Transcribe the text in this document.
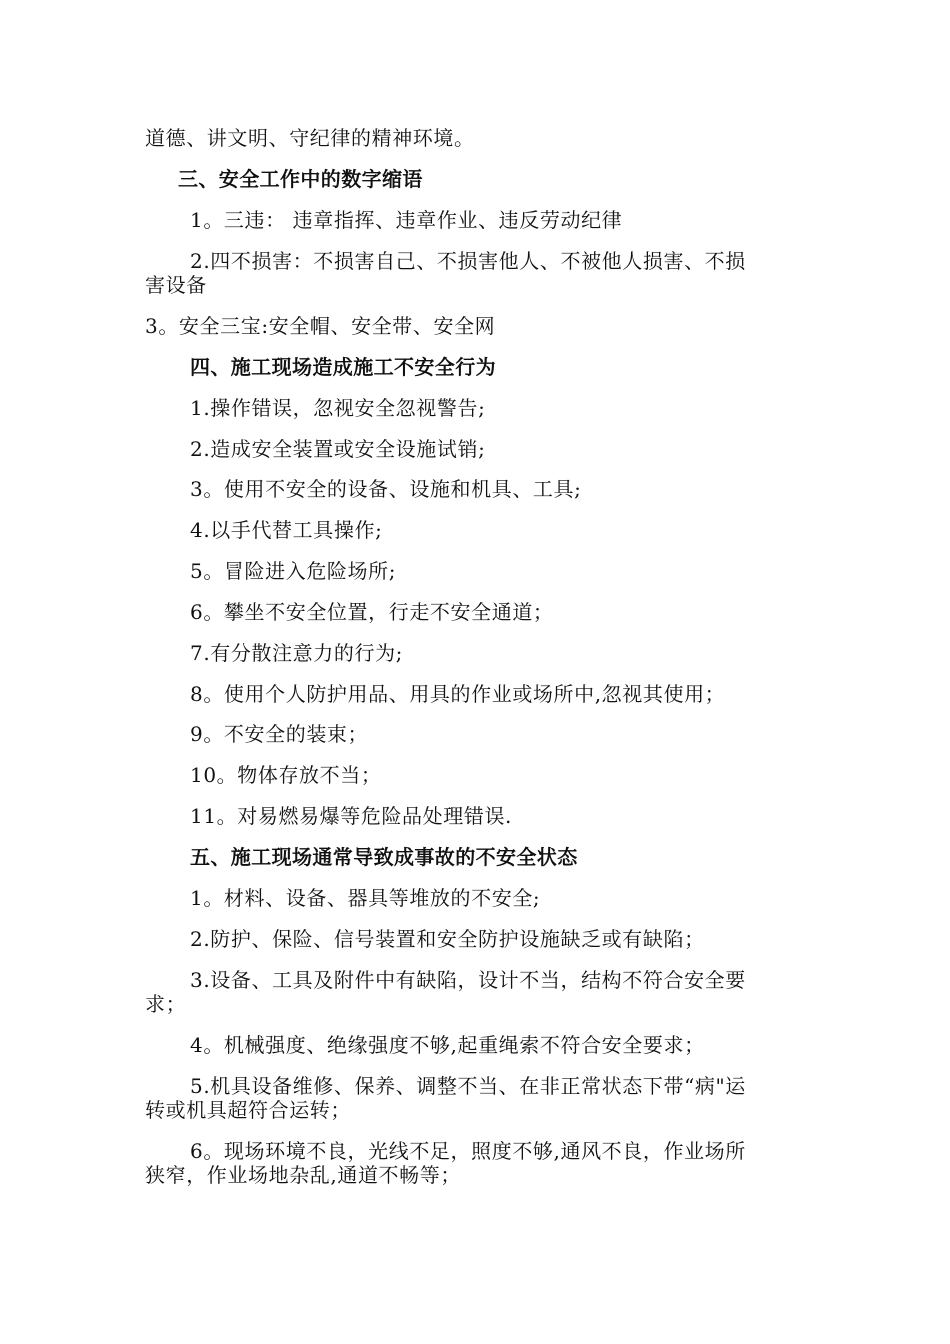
道德、讲文明、守纪律的精神环境。
三、安全工作中的数字缩语
1。三违： 违章指挥、违章作业、违反劳动纪律
2.四不损害：不损害自己、不损害他人、不被他人损害、不损
害设备
3。安全三宝:安全帽、安全带、安全网
四、施工现场造成施工不安全行为
1.操作错误，忽视安全忽视警告;
2.造成安全装置或安全设施试销;
3。使用不安全的设备、设施和机具、工具;
4.以手代替工具操作;
5。冒险进入危险场所;
6。攀坐不安全位置，行走不安全通道；
7.有分散注意力的行为;
8。使用个人防护用品、用具的作业或场所中,忽视其使用；
9。不安全的装束；
10。物体存放不当；
11。对易燃易爆等危险品处理错误.
五、施工现场通常导致成事故的不安全状态
1。材料、设备、器具等堆放的不安全;
2.防护、保险、信号装置和安全防护设施缺乏或有缺陷；
3.设备、工具及附件中有缺陷，设计不当，结构不符合安全要
求；
4。机械强度、绝缘强度不够,起重绳索不符合安全要求；
5.机具设备维修、保养、调整不当、在非正常状态下带“病"运
转或机具超符合运转；
6。现场环境不良，光线不足，照度不够,通风不良，作业场所
狭窄，作业场地杂乱,通道不畅等；
